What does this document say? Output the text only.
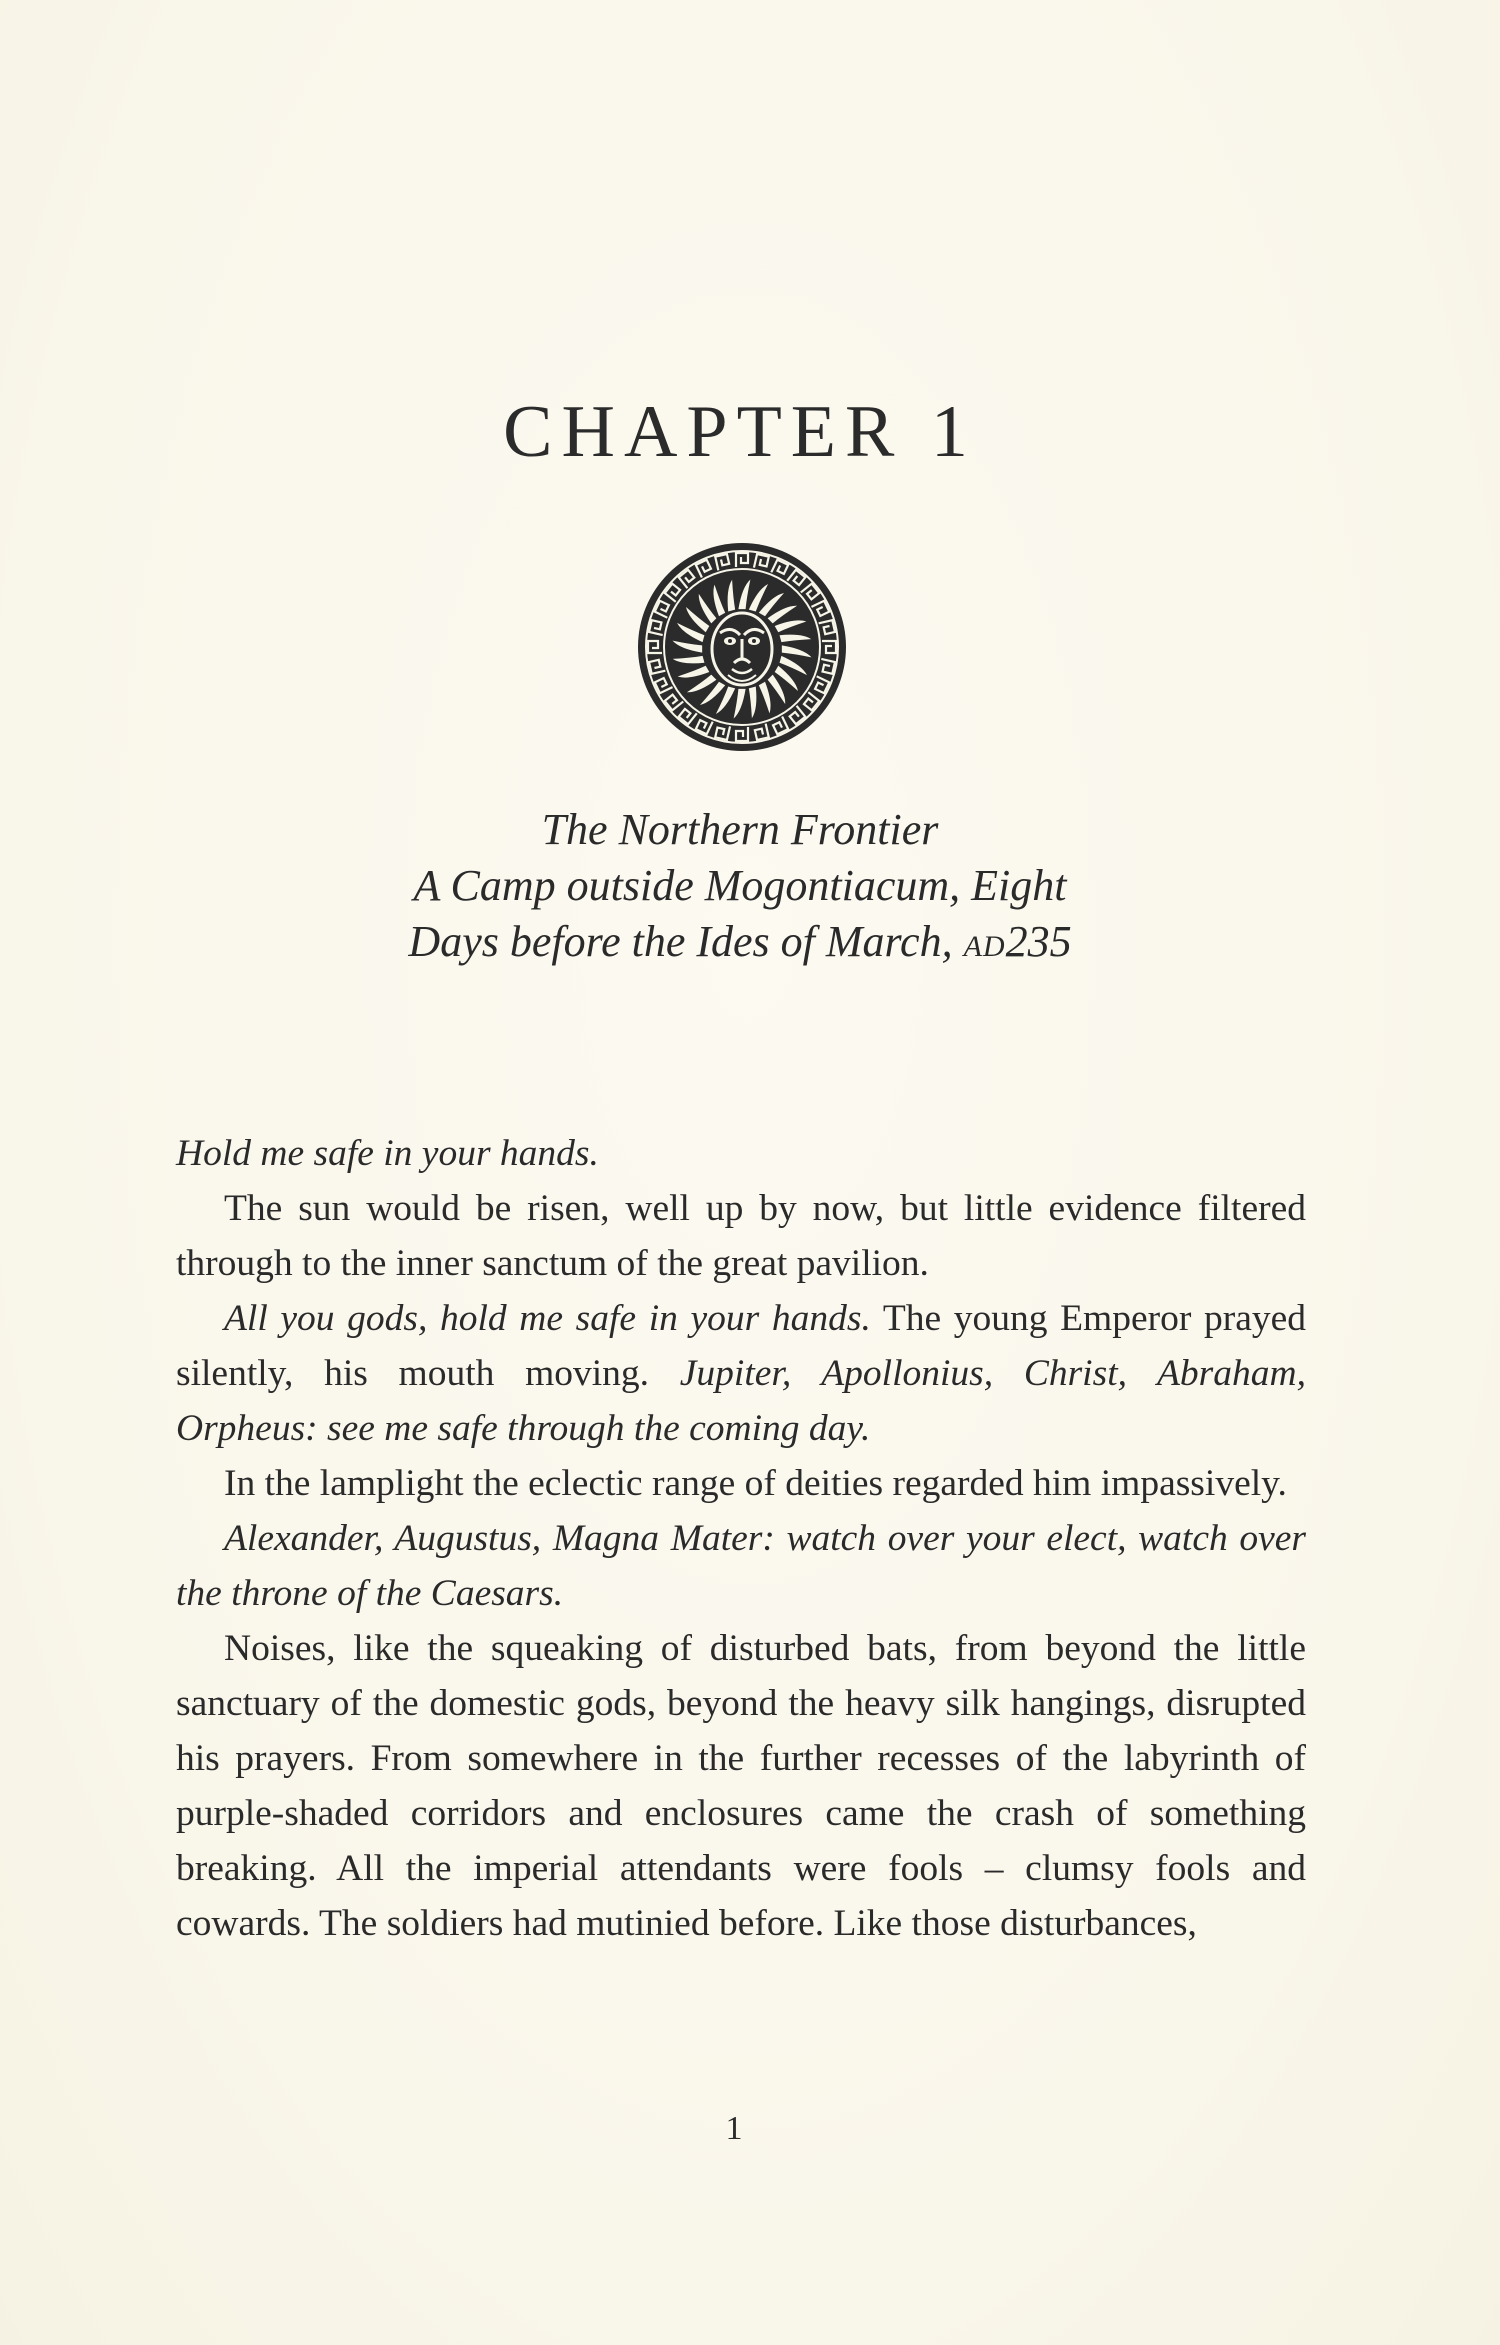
CHAPTER 1
The Northern Frontier
A Camp outside Mogontiacum, Eight
Days before the Ides of March, AD235

Hold me safe in your hands.

The sun would be risen, well up by now, but little evidence filtered through to the inner sanctum of the great pavilion.

All you gods, hold me safe in your hands. The young Emperor prayed silently, his mouth moving. Jupiter, Apollonius, Christ, Abraham, Orpheus: see me safe through the coming day.

In the lamplight the eclectic range of deities regarded him impassively.

Alexander, Augustus, Magna Mater: watch over your elect, watch over the throne of the Caesars.

Noises, like the squeaking of disturbed bats, from beyond the little sanctuary of the domestic gods, beyond the heavy silk hangings, disrupted his prayers. From somewhere in the further recesses of the labyrinth of purple-shaded corridors and enclosures came the crash of something breaking. All the imperial attendants were fools – clumsy fools and cowards. The soldiers had mutinied before. Like those disturbances,

1
